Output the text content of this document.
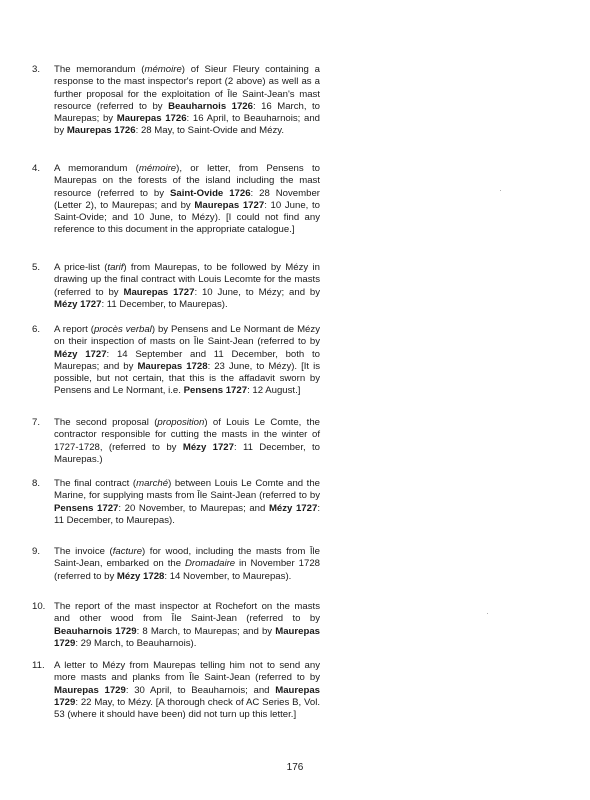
3.	The memorandum (mémoire) of Sieur Fleury containing a response to the mast inspector's report (2 above) as well as a further proposal for the exploitation of Île Saint-Jean's mast resource (referred to by Beauharnois 1726: 16 March, to Maurepas; by Maurepas 1726: 16 April, to Beauharnois; and by Maurepas 1726: 28 May, to Saint-Ovide and Mézy.
4.	A memorandum (mémoire), or letter, from Pensens to Maurepas on the forests of the island including the mast resource (referred to by Saint-Ovide 1726: 28 November (Letter 2), to Maurepas; and by Maurepas 1727: 10 June, to Saint-Ovide; and 10 June, to Mézy). [I could not find any reference to this document in the appropriate catalogue.]
5.	A price-list (tarif) from Maurepas, to be followed by Mézy in drawing up the final contract with Louis Lecomte for the masts (referred to by Maurepas 1727: 10 June, to Mézy; and by Mézy 1727: 11 December, to Maurepas).
6.	A report (procès verbal) by Pensens and Le Normant de Mézy on their inspection of masts on Île Saint-Jean (referred to by Mézy 1727: 14 September and 11 December, both to Maurepas; and by Maurepas 1728: 23 June, to Mézy). [It is possible, but not certain, that this is the affadavit sworn by Pensens and Le Normant, i.e. Pensens 1727: 12 August.]
7.	The second proposal (proposition) of Louis Le Comte, the contractor responsible for cutting the masts in the winter of 1727-1728, (referred to by Mézy 1727: 11 December, to Maurepas.)
8.	The final contract (marché) between Louis Le Comte and the Marine, for supplying masts from Île Saint-Jean (referred to by Pensens 1727: 20 November, to Maurepas; and Mézy 1727: 11 December, to Maurepas).
9.	The invoice (facture) for wood, including the masts from Île Saint-Jean, embarked on the Dromadaire in November 1728 (referred to by Mézy 1728: 14 November, to Maurepas).
10. The report of the mast inspector at Rochefort on the masts and other wood from Île Saint-Jean (referred to by Beauharnois 1729: 8 March, to Maurepas; and by Maurepas 1729: 29 March, to Beauharnois).
11. A letter to Mézy from Maurepas telling him not to send any more masts and planks from Île Saint-Jean (referred to by Maurepas 1729: 30 April, to Beauharnois; and Maurepas 1729: 22 May, to Mézy. [A thorough check of AC Series B, Vol. 53 (where it should have been) did not turn up this letter.]
176
